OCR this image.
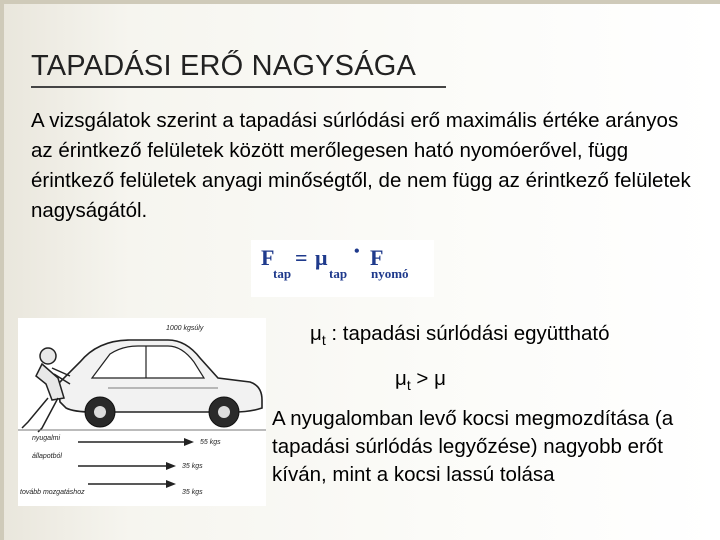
TAPADÁSI ERŐ NAGYSÁGA

A vizsgálatok szerint a tapadási súrlódási erő maximális értéke arányos az érintkező felületek között merőlegesen ható nyomóerővel, függ érintkező felületek anyagi minőségtől, de nem függ az érintkező felületek nagyságától.

F
tap
= μ
tap
• F
nyomó
1000 kgsúly
nyugalmi
állapotból
tovább mozgatáshoz
55 kgs
35 kgs
35 kgs

$\mu_t$ : tapadási súrlódási együttható

$\mu_t > \mu$

A nyugalomban levő kocsi megmozdítása (a tapadási súrlódás legyőzése) nagyobb erőt kíván, mint a kocsi lassú tolása
